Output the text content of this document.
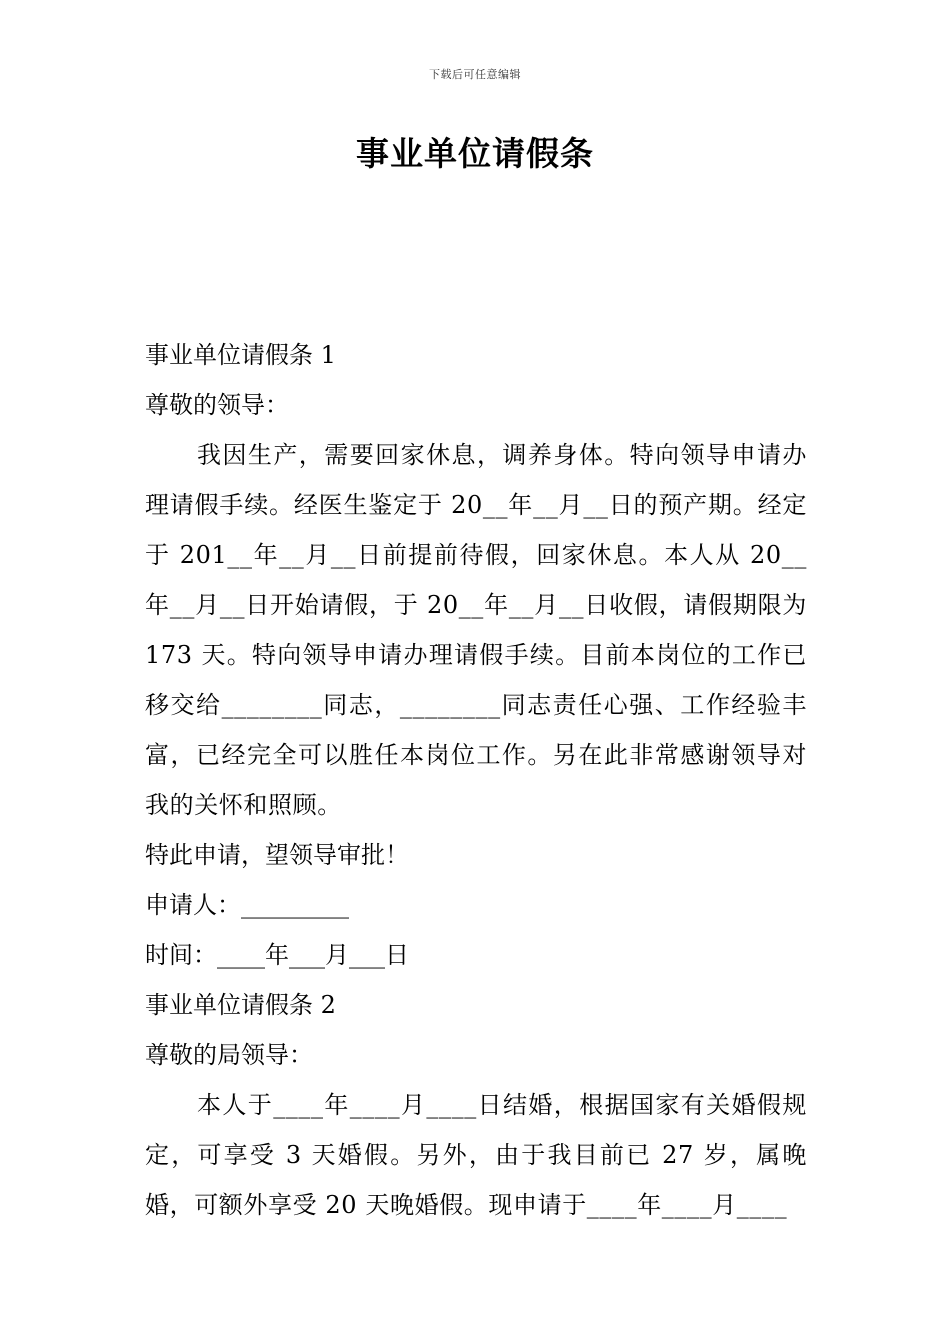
下载后可任意编辑
事业单位请假条

事业单位请假条 1

尊敬的领导：

我因生产，需要回家休息，调养身体。特向领导申请办理请假手续。经医生鉴定于 20__年__月__日的预产期。经定于 201__年__月__日前提前待假，回家休息。本人从 20__年__月__日开始请假，于 20__年__月__日收假，请假期限为 173 天。特向领导申请办理请假手续。目前本岗位的工作已移交给________同志，________同志责任心强、工作经验丰富，已经完全可以胜任本岗位工作。另在此非常感谢领导对我的关怀和照顾。

特此申请，望领导审批！

申请人：_________

时间：____年___月___日

事业单位请假条 2

尊敬的局领导：

本人于____年____月____日结婚，根据国家有关婚假规定，可享受 3 天婚假。另外，由于我目前已 27 岁，属晚婚，可额外享受 20 天晚婚假。现申请于____年____月____
